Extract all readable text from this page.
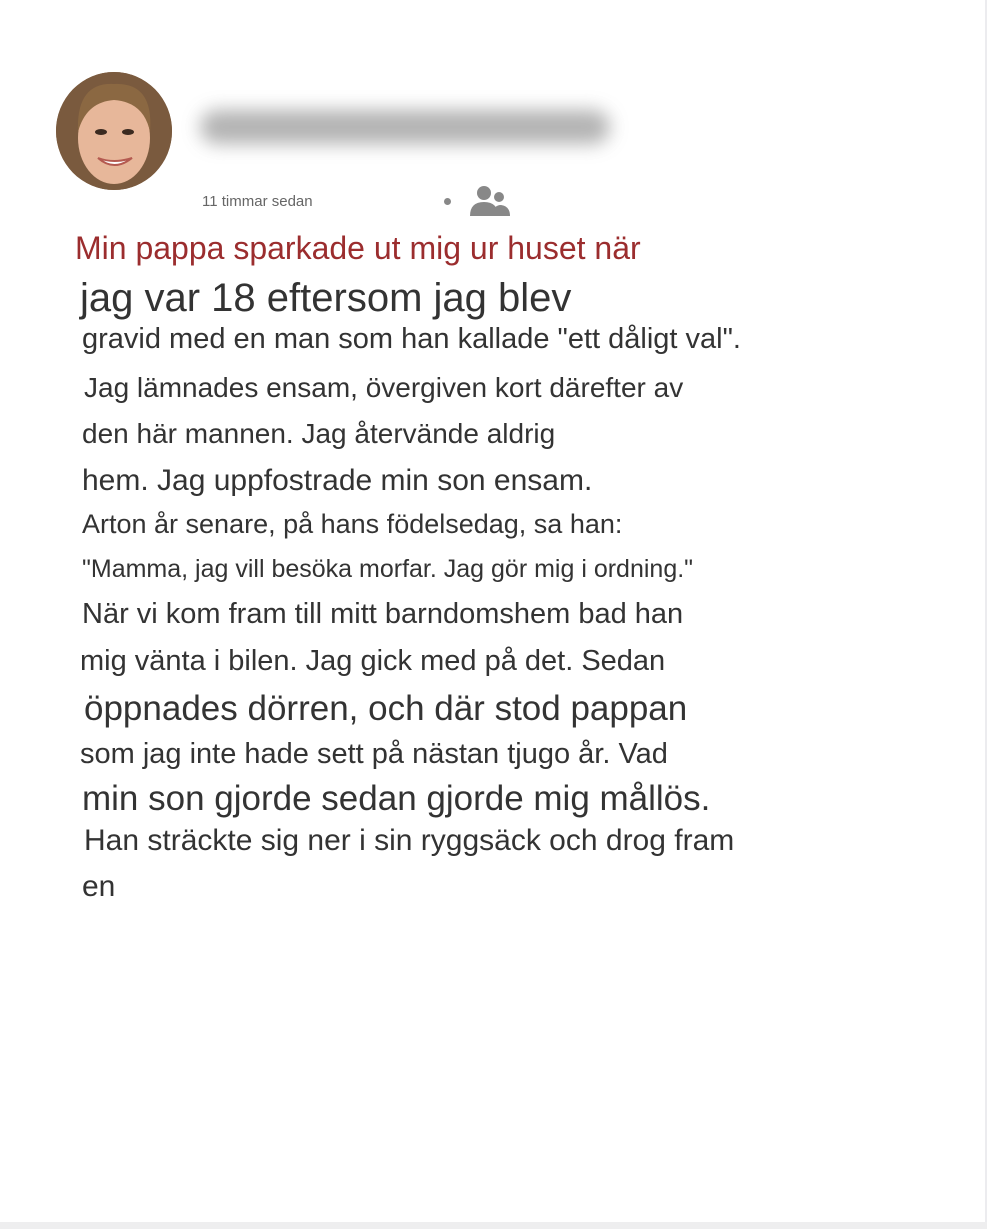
11 timmar sedan
Min pappa sparkade ut mig ur huset när
jag var 18 eftersom jag blev
gravid med en man som han kallade "ett dåligt val".
Jag lämnades ensam, övergiven kort därefter av
den här mannen. Jag återvände aldrig
hem. Jag uppfostrade min son ensam.
Arton år senare, på hans födelsedag, sa han:
"Mamma, jag vill besöka morfar. Jag gör mig i ordning."
När vi kom fram till mitt barndomshem bad han
mig vänta i bilen. Jag gick med på det. Sedan
öppnades dörren, och där stod pappan
som jag inte hade sett på nästan tjugo år. Vad
min son gjorde sedan gjorde mig mållös.
Han sträckte sig ner i sin ryggsäck och drog fram
en
